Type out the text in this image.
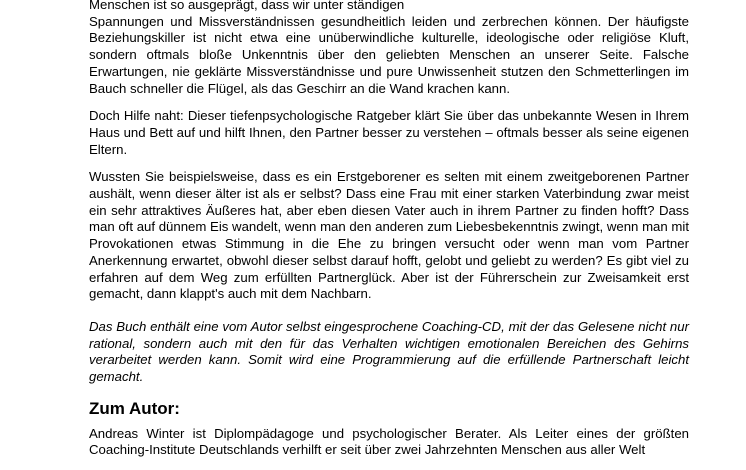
Menschen ist so ausgeprägt, dass wir unter ständigen

Spannungen und Missverständnissen gesundheitlich leiden und zerbrechen können. Der häufigste Beziehungskiller ist nicht etwa eine unüberwindliche kulturelle, ideologische oder religiöse Kluft, sondern oftmals bloße Unkenntnis über den geliebten Menschen an unserer Seite. Falsche Erwartungen, nie geklärte Missverständnisse und pure Unwissenheit stutzen den Schmetterlingen im Bauch schneller die Flügel, als das Geschirr an die Wand krachen kann.

Doch Hilfe naht: Dieser tiefenpsychologische Ratgeber klärt Sie über das unbekannte Wesen in Ihrem Haus und Bett auf und hilft Ihnen, den Partner besser zu verstehen – oftmals besser als seine eigenen Eltern.

Wussten Sie beispielsweise, dass es ein Erstgeborener es selten mit einem zweitgeborenen Partner aushält, wenn dieser älter ist als er selbst? Dass eine Frau mit einer starken Vaterbindung zwar meist ein sehr attraktives Äußeres hat, aber eben diesen Vater auch in ihrem Partner zu finden hofft? Dass man oft auf dünnem Eis wandelt, wenn man den anderen zum Liebesbekenntnis zwingt, wenn man mit Provokationen etwas Stimmung in die Ehe zu bringen versucht oder wenn man vom Partner Anerkennung erwartet, obwohl dieser selbst darauf hofft, gelobt und geliebt zu werden? Es gibt viel zu erfahren auf dem Weg zum erfüllten Partnerglück. Aber ist der Führerschein zur Zweisamkeit erst gemacht, dann klappt's auch mit dem Nachbarn.

Das Buch enthält eine vom Autor selbst eingesprochene Coaching-CD, mit der das Gelesene nicht nur rational, sondern auch mit den für das Verhalten wichtigen emotionalen Bereichen des Gehirns verarbeitet werden kann. Somit wird eine Programmierung auf die erfüllende Partnerschaft leicht gemacht.

Zum Autor:

Andreas Winter ist Diplompädagoge und psychologischer Berater. Als Leiter eines der größten Coaching-Institute Deutschlands verhilft er seit über zwei Jahrzehnten Menschen aus aller Welt
